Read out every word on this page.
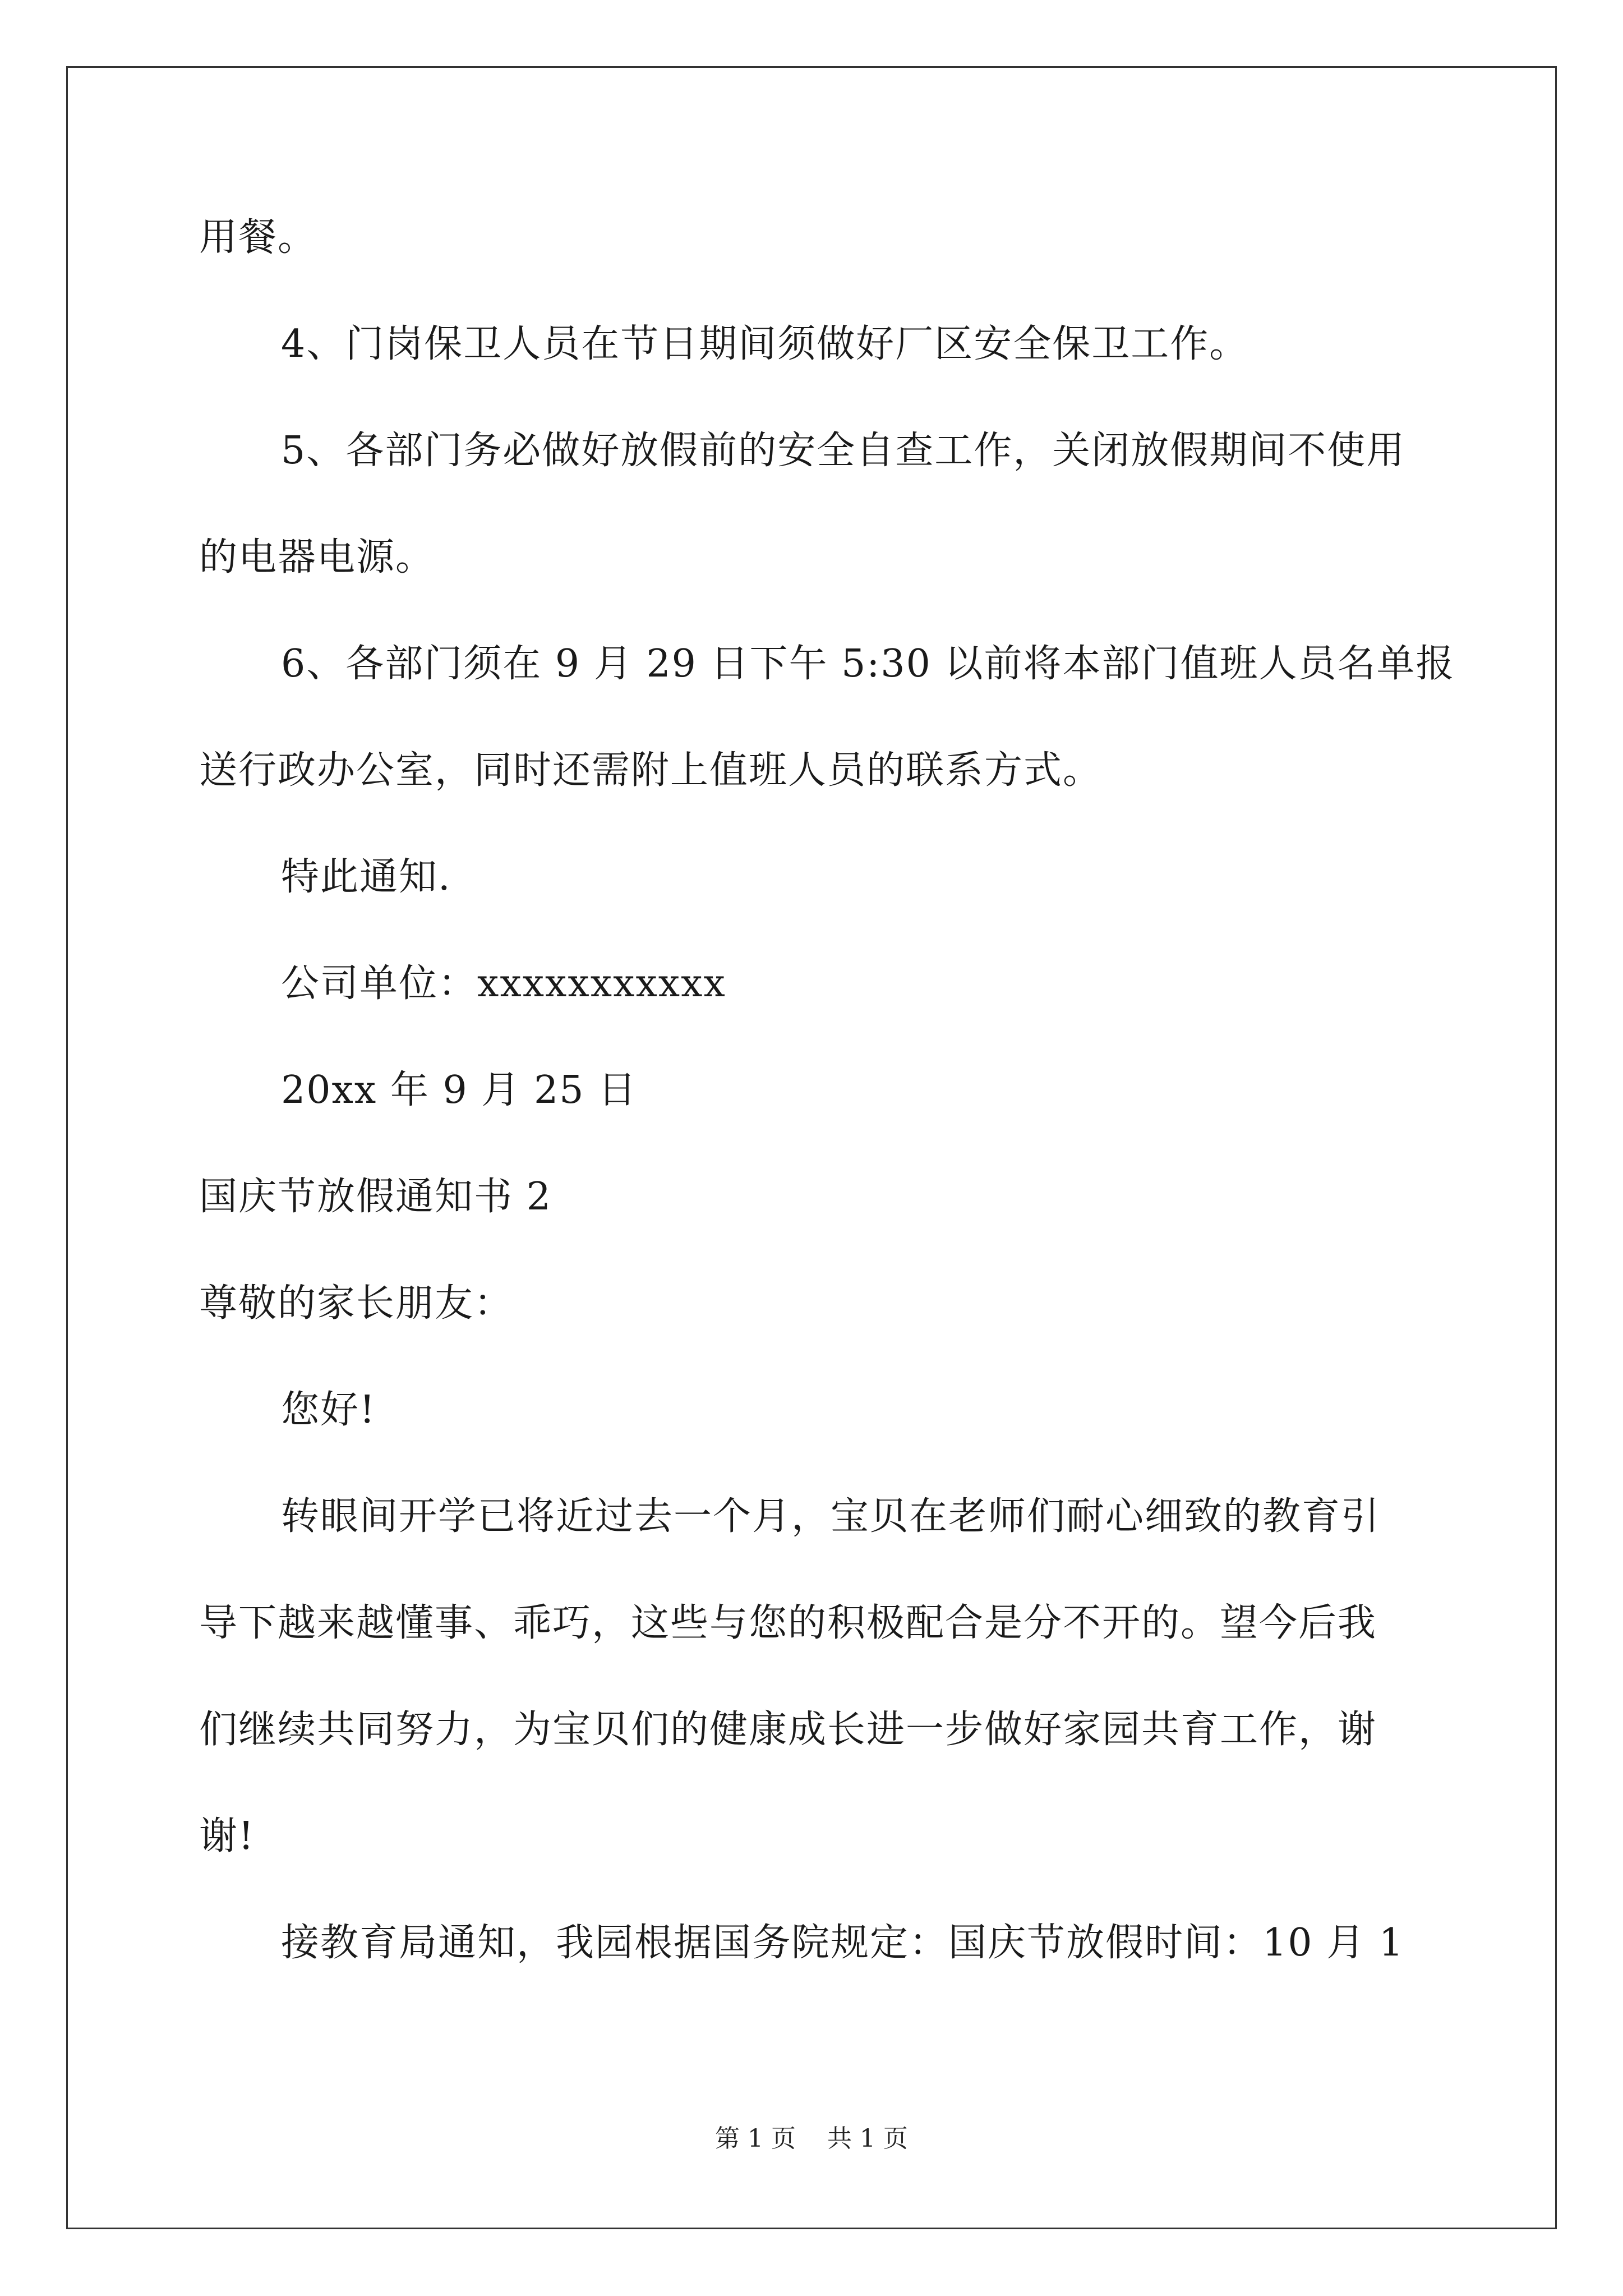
用餐。
4、门岗保卫人员在节日期间须做好厂区安全保卫工作。
5、各部门务必做好放假前的安全自查工作，关闭放假期间不使用
的电器电源。
6、各部门须在 9 月 29 日下午 5:30 以前将本部门值班人员名单报
送行政办公室，同时还需附上值班人员的联系方式。
特此通知.
公司单位：xxxxxxxxxxx
20xx 年 9 月 25 日
国庆节放假通知书 2
尊敬的家长朋友：
您好!
转眼间开学已将近过去一个月，宝贝在老师们耐心细致的教育引
导下越来越懂事、乖巧，这些与您的积极配合是分不开的。望今后我
们继续共同努力，为宝贝们的健康成长进一步做好家园共育工作，谢
谢!
接教育局通知，我园根据国务院规定：国庆节放假时间：10 月 1
第 1 页    共 1 页
